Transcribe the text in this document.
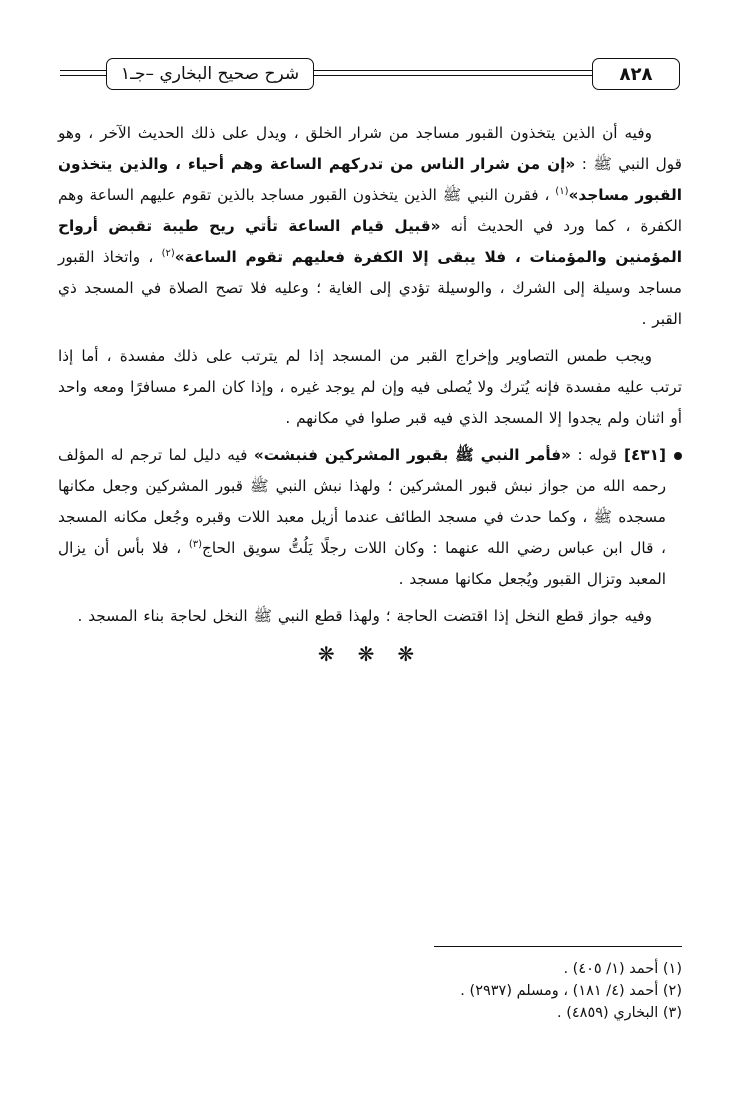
٨٢٨
شرح صحيح البخاري –جـ١

وفيه أن الذين يتخذون القبور مساجد من شرار الخلق ، ويدل على ذلك الحديث الآخر ، وهو قول النبي ﷺ : «إن من شرار الناس من تدركهم الساعة وهم أحياء ، والذين يتخذون القبور مساجد»$^{(١)}$ ، فقرن النبي ﷺ الذين يتخذون القبور مساجد بالذين تقوم عليهم الساعة وهم الكفرة ، كما ورد في الحديث أنه «قبيل قيام الساعة تأتي ريح طيبة تقبض أرواح المؤمنين والمؤمنات ، فلا يبقى إلا الكفرة فعليهم تقوم الساعة»$^{(٢)}$ ، واتخاذ القبور مساجد وسيلة إلى الشرك ، والوسيلة تؤدي إلى الغاية ؛ وعليه فلا تصح الصلاة في المسجد ذي القبر .

ويجب طمس التصاوير وإخراج القبر من المسجد إذا لم يترتب على ذلك مفسدة ، أما إذا ترتب عليه مفسدة فإنه يُترك ولا يُصلى فيه وإن لم يوجد غيره ، وإذا كان المرء مسافرًا ومعه واحد أو اثنان ولم يجدوا إلا المسجد الذي فيه قبر صلوا في مكانهم .

[٤٣١] قوله : «فأمر النبي ﷺ بقبور المشركين فنبشت» فيه دليل لما ترجم له المؤلف رحمه الله من جواز نبش قبور المشركين ؛ ولهذا نبش النبي ﷺ قبور المشركين وجعل مكانها مسجده ﷺ ، وكما حدث في مسجد الطائف عندما أزيل معبد اللات وقبره وجُعل مكانه المسجد ، قال ابن عباس رضي الله عنهما : وكان اللات رجلًا يَلُتُّ سويق الحاج$^{(٣)}$ ، فلا بأس أن يزال المعبد وتزال القبور ويُجعل مكانها مسجد .

وفيه جواز قطع النخل إذا اقتضت الحاجة ؛ ولهذا قطع النبي ﷺ النخل لحاجة بناء المسجد .

❋ ❋ ❋
(١) أحمد (١/ ٤٠٥) .
(٢) أحمد (٤/ ١٨١) ، ومسلم (٢٩٣٧) .
(٣) البخاري (٤٨٥٩) .
